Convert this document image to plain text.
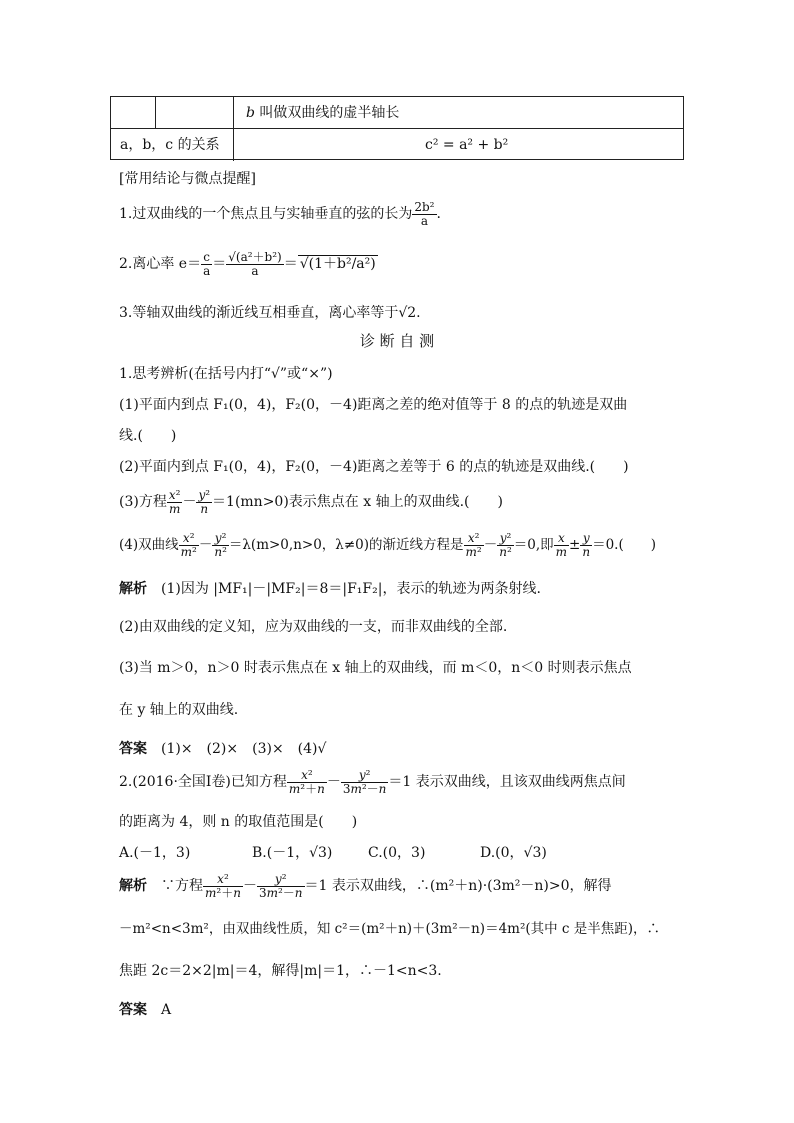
b 叫做双曲线的虚半轴长
a，b，c 的关系	c² = a² + b²
[常用结论与微点提醒]
1.过双曲线的一个焦点且与实轴垂直的弦的长为 $\frac{\text{2b²}}{a}$ .
2.离心率 $e= \frac{c}{a} = \frac{\text{√(a²＋b²)}}{a} = √(1+b^2/a^2)$
3.等轴双曲线的渐近线互相垂直，离心率等于√2.
诊 断 自 测
1.思考辨析(在括号内打“√”或“×”)
(1)平面内到点 F₁(0，4)，F₂(0，－4)距离之差的绝对值等于 8 的点的轨迹是双曲
线.(　　)
(2)平面内到点 F₁(0，4)，F₂(0，－4)距离之差等于 6 的点的轨迹是双曲线.(　　)
(3)方程 $\frac{\text{x²}}{m} - \frac{\text{y²}}{n} =1(mn>0)$表示焦点在 x 轴上的双曲线.(　　)
(4)双曲线 $\frac{\text{x²}}{\text{m²}} - \frac{\text{y²}}{\text{n²}} =\lambda(m>0,n>0$，λ≠0)的渐近线方程是 $\frac{\text{x²}}{\text{m²}} - \frac{\text{y²}}{\text{n²}} =0$,即 $\frac{x}{m} \pm \frac{y}{n} =0$.(　　)
解析　 (1)因为 |MF₁|－|MF₂|＝8＝|F₁F₂|，表示的轨迹为两条射线.
(2)由双曲线的定义知，应为双曲线的一支，而非双曲线的全部.
(3)当 m＞0，n＞0 时表示焦点在 x 轴上的双曲线，而 m＜0，n＜0 时则表示焦点
在 y 轴上的双曲线.
答案　 (1)×　(2)×　(3)×　(4)√
2.(2016·全国Ⅰ卷)已知方程 $\frac{\text{x²}}{\text{m²＋n}} - \frac{\text{y²}}{\text{3m²－n}} =1$ 表示双曲线，且该双曲线两焦点间
的距离为 4，则 n 的取值范围是(　　)
A.(－1，3)	B.(－1，√3)	C.(0，3)	D.(0，√3)
解析　 ∵方程 $\frac{\text{x²}}{\text{m²＋n}} - \frac{\text{y²}}{\text{3m²－n}} =1$ 表示双曲线，∴(m²＋n)·(3m²－n)>0，解得
－m²<n<3m²，由双曲线性质，知 c²＝(m²＋n)＋(3m²－n)＝4m²(其中 c 是半焦距)，∴
焦距 2c＝2×2|m|＝4，解得|m|＝1，∴－1<n<3.
答案　 A
